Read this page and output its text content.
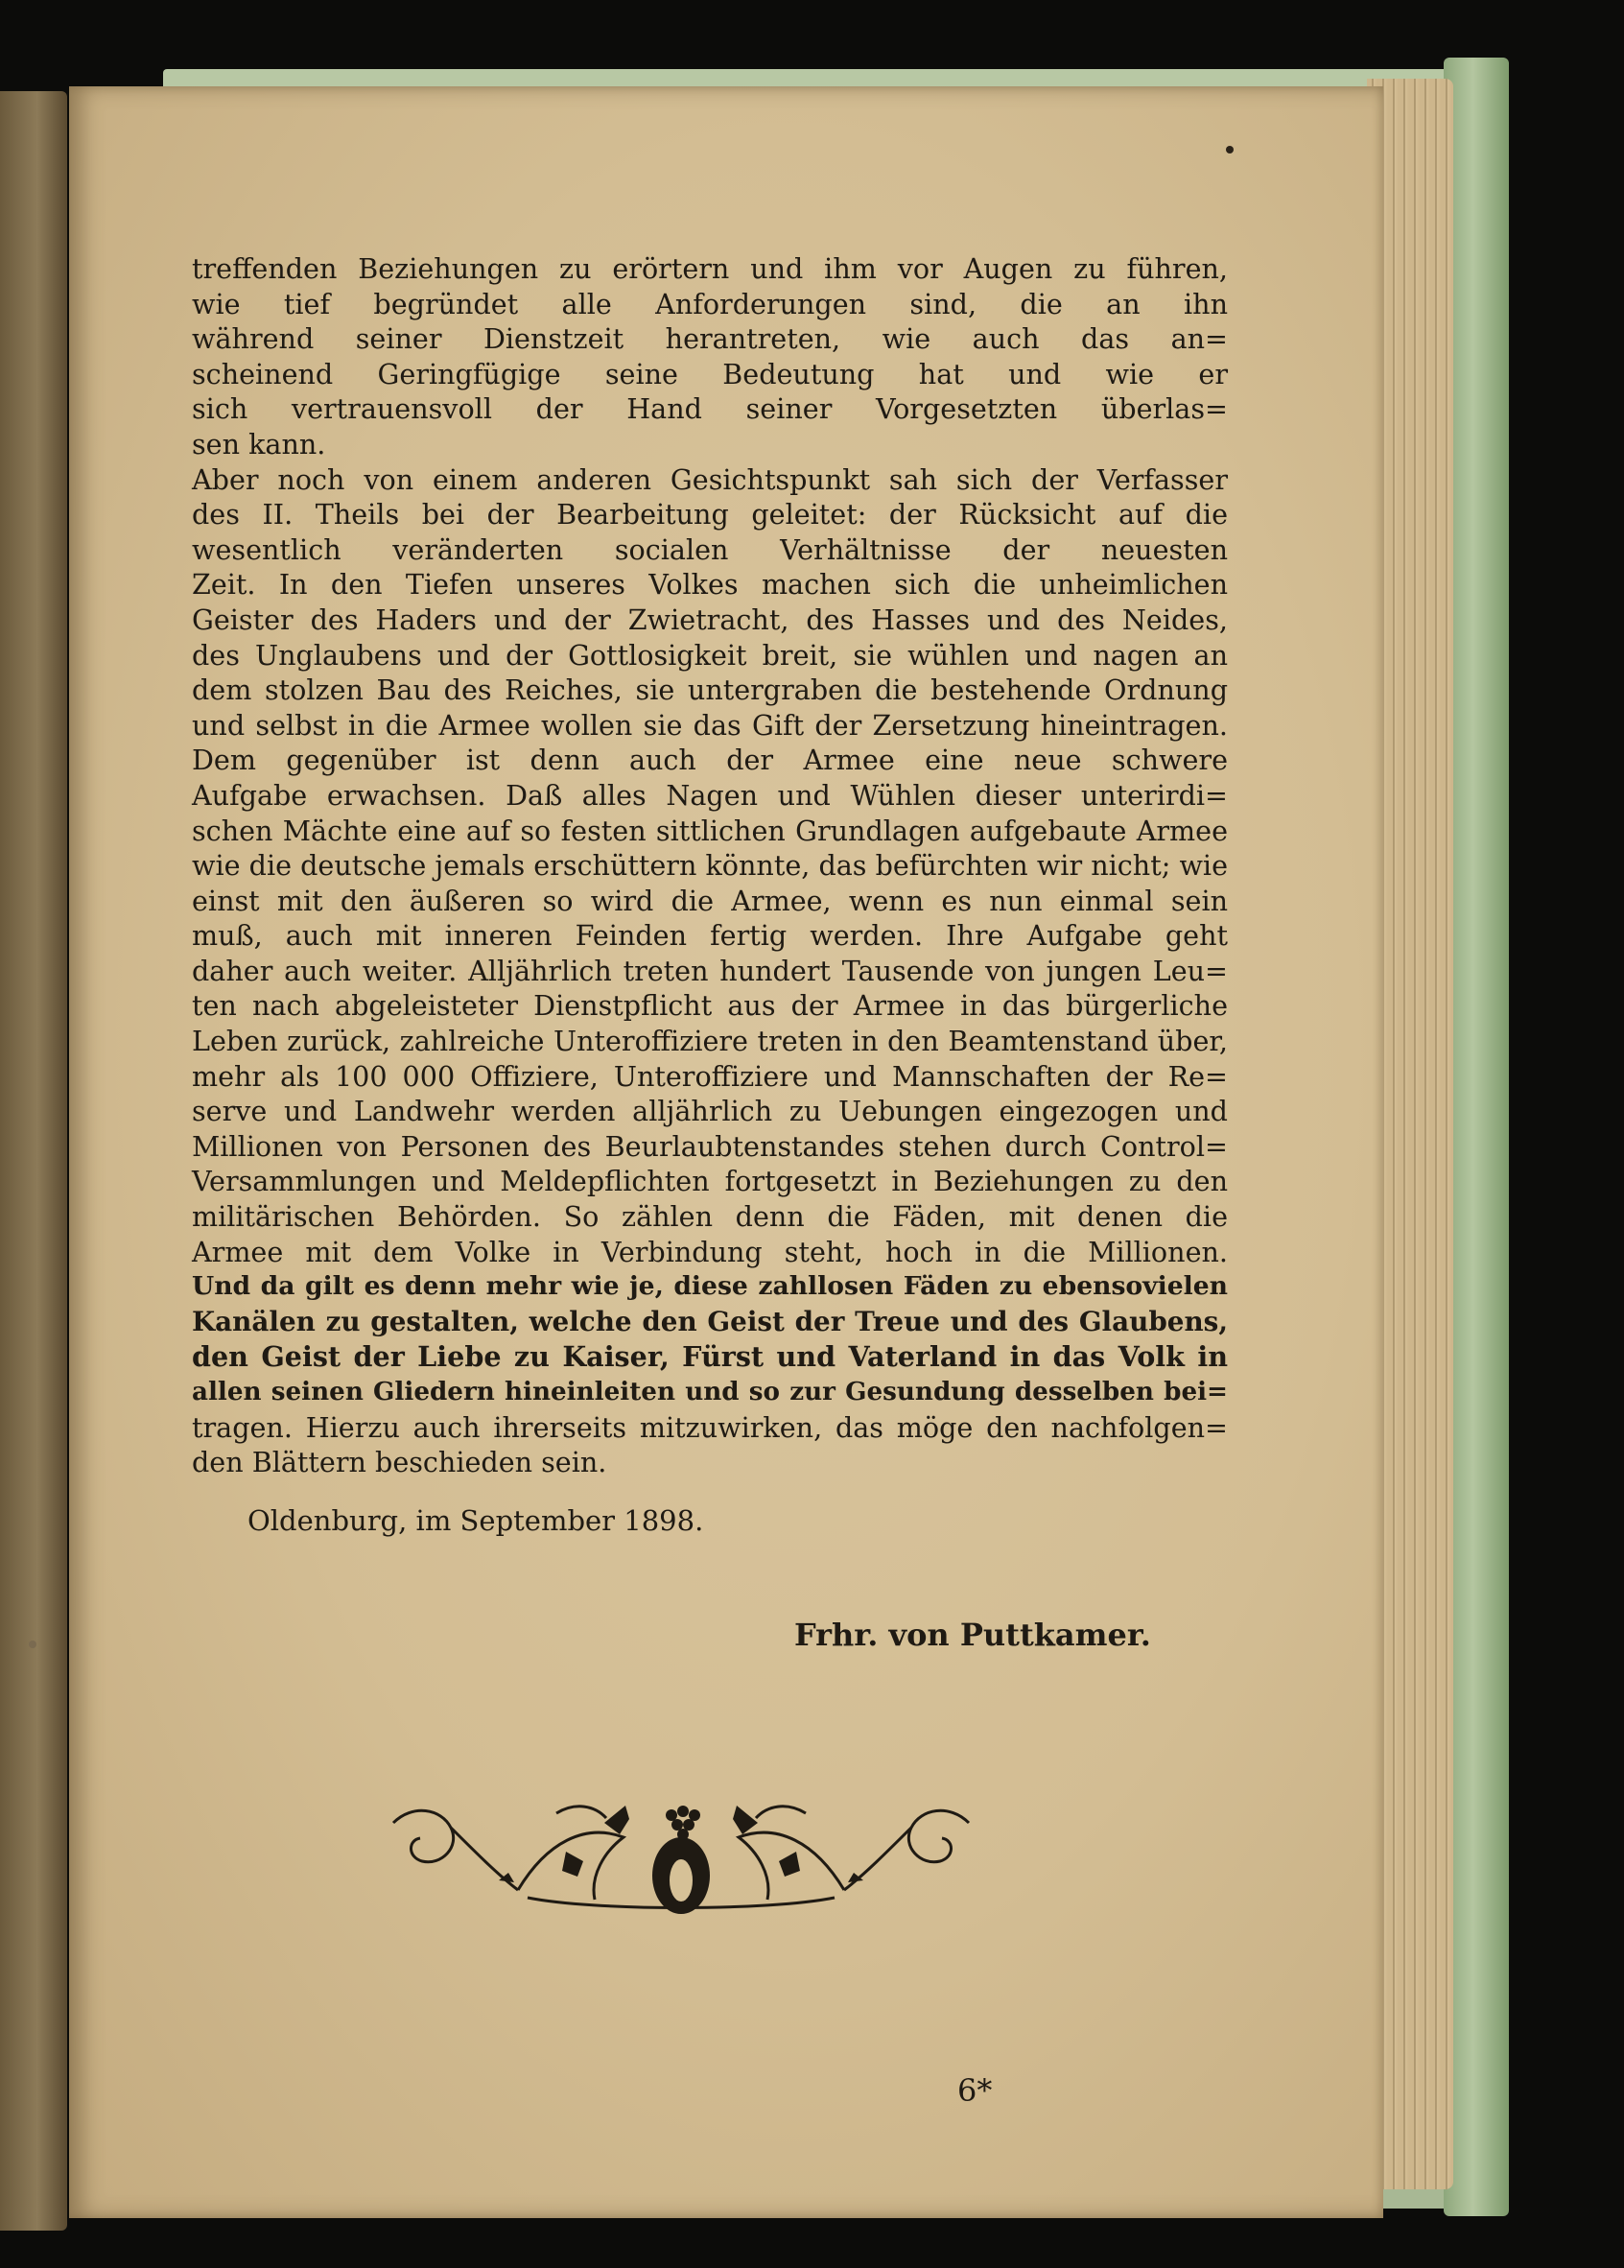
treffenden Beziehungen zu erörtern und ihm vor Augen zu führen,
wie tief begründet alle Anforderungen sind, die an ihn
während seiner Dienstzeit herantreten, wie auch das an=
scheinend Geringfügige seine Bedeutung hat und wie er
sich vertrauensvoll der Hand seiner Vorgesetzten überlas=
sen kann.
Aber noch von einem anderen Gesichtspunkt sah sich der Verfasser
des II. Theils bei der Bearbeitung geleitet: der Rücksicht auf die
wesentlich veränderten socialen Verhältnisse der neuesten
Zeit. In den Tiefen unseres Volkes machen sich die unheimlichen
Geister des Haders und der Zwietracht, des Hasses und des Neides,
des Unglaubens und der Gottlosigkeit breit, sie wühlen und nagen an
dem stolzen Bau des Reiches, sie untergraben die bestehende Ordnung
und selbst in die Armee wollen sie das Gift der Zersetzung hineintragen.
Dem gegenüber ist denn auch der Armee eine neue schwere
Aufgabe erwachsen. Daß alles Nagen und Wühlen dieser unterirdi=
schen Mächte eine auf so festen sittlichen Grundlagen aufgebaute Armee
wie die deutsche jemals erschüttern könnte, das befürchten wir nicht; wie
einst mit den äußeren so wird die Armee, wenn es nun einmal sein
muß, auch mit inneren Feinden fertig werden. Ihre Aufgabe geht
daher auch weiter. Alljährlich treten hundert Tausende von jungen Leu=
ten nach abgeleisteter Dienstpflicht aus der Armee in das bürgerliche
Leben zurück, zahlreiche Unteroffiziere treten in den Beamtenstand über,
mehr als 100 000 Offiziere, Unteroffiziere und Mannschaften der Re=
serve und Landwehr werden alljährlich zu Uebungen eingezogen und
Millionen von Personen des Beurlaubtenstandes stehen durch Control=
Versammlungen und Meldepflichten fortgesetzt in Beziehungen zu den
militärischen Behörden. So zählen denn die Fäden, mit denen die
Armee mit dem Volke in Verbindung steht, hoch in die Millionen.
Und da gilt es denn mehr wie je, diese zahllosen Fäden zu ebensovielen
Kanälen zu gestalten, welche den Geist der Treue und des Glaubens,
den Geist der Liebe zu Kaiser, Fürst und Vaterland in das Volk in
allen seinen Gliedern hineinleiten und so zur Gesundung desselben bei=
tragen. Hierzu auch ihrerseits mitzuwirken, das möge den nachfolgen=
den Blättern beschieden sein.
Oldenburg, im September 1898.
Frhr. von Puttkamer.
6*
